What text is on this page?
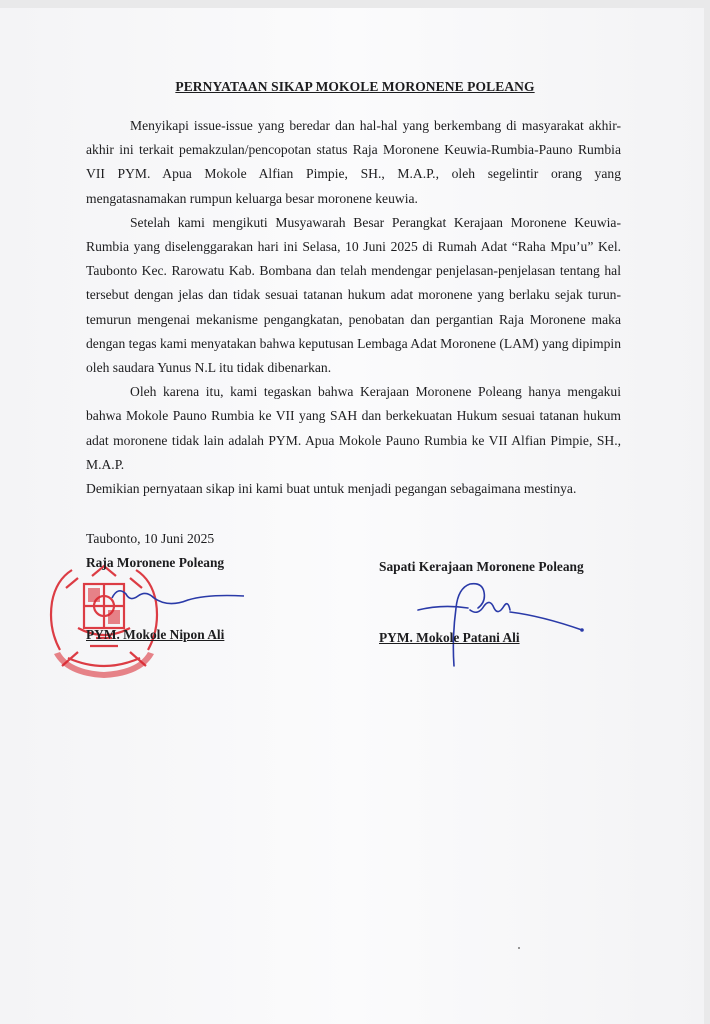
PERNYATAAN SIKAP MOKOLE MORONENE POLEANG

Menyikapi issue-issue yang beredar dan hal-hal yang berkembang di masyarakat akhir-akhir ini terkait pemakzulan/pencopotan status Raja Moronene Keuwia-Rumbia-Pauno Rumbia VII PYM. Apua Mokole Alfian Pimpie, SH., M.A.P., oleh segelintir orang yang mengatasnamakan rumpun keluarga besar moronene keuwia.

Setelah kami mengikuti Musyawarah Besar Perangkat Kerajaan Moronene Keuwia-Rumbia yang diselenggarakan hari ini Selasa, 10 Juni 2025 di Rumah Adat “Raha Mpu’u” Kel. Taubonto Kec. Rarowatu Kab. Bombana dan telah mendengar penjelasan-penjelasan tentang hal tersebut dengan jelas dan tidak sesuai tatanan hukum adat moronene yang berlaku sejak turun-temurun mengenai mekanisme pengangkatan, penobatan dan pergantian Raja Moronene maka dengan tegas kami menyatakan bahwa keputusan Lembaga Adat Moronene (LAM) yang dipimpin oleh saudara Yunus N.L itu tidak dibenarkan.

Oleh karena itu, kami tegaskan bahwa Kerajaan Moronene Poleang hanya mengakui bahwa Mokole Pauno Rumbia ke VII yang SAH dan berkekuatan Hukum sesuai tatanan hukum adat moronene tidak lain adalah PYM. Apua Mokole Pauno Rumbia ke VII Alfian Pimpie, SH., M.A.P.

Demikian pernyataan sikap ini kami buat untuk menjadi pegangan sebagaimana mestinya.

Taubonto, 10 Juni 2025
Raja Moronene Poleang
PYM. Mokole Nipon Ali
Sapati Kerajaan Moronene Poleang
PYM. Mokole Patani Ali
